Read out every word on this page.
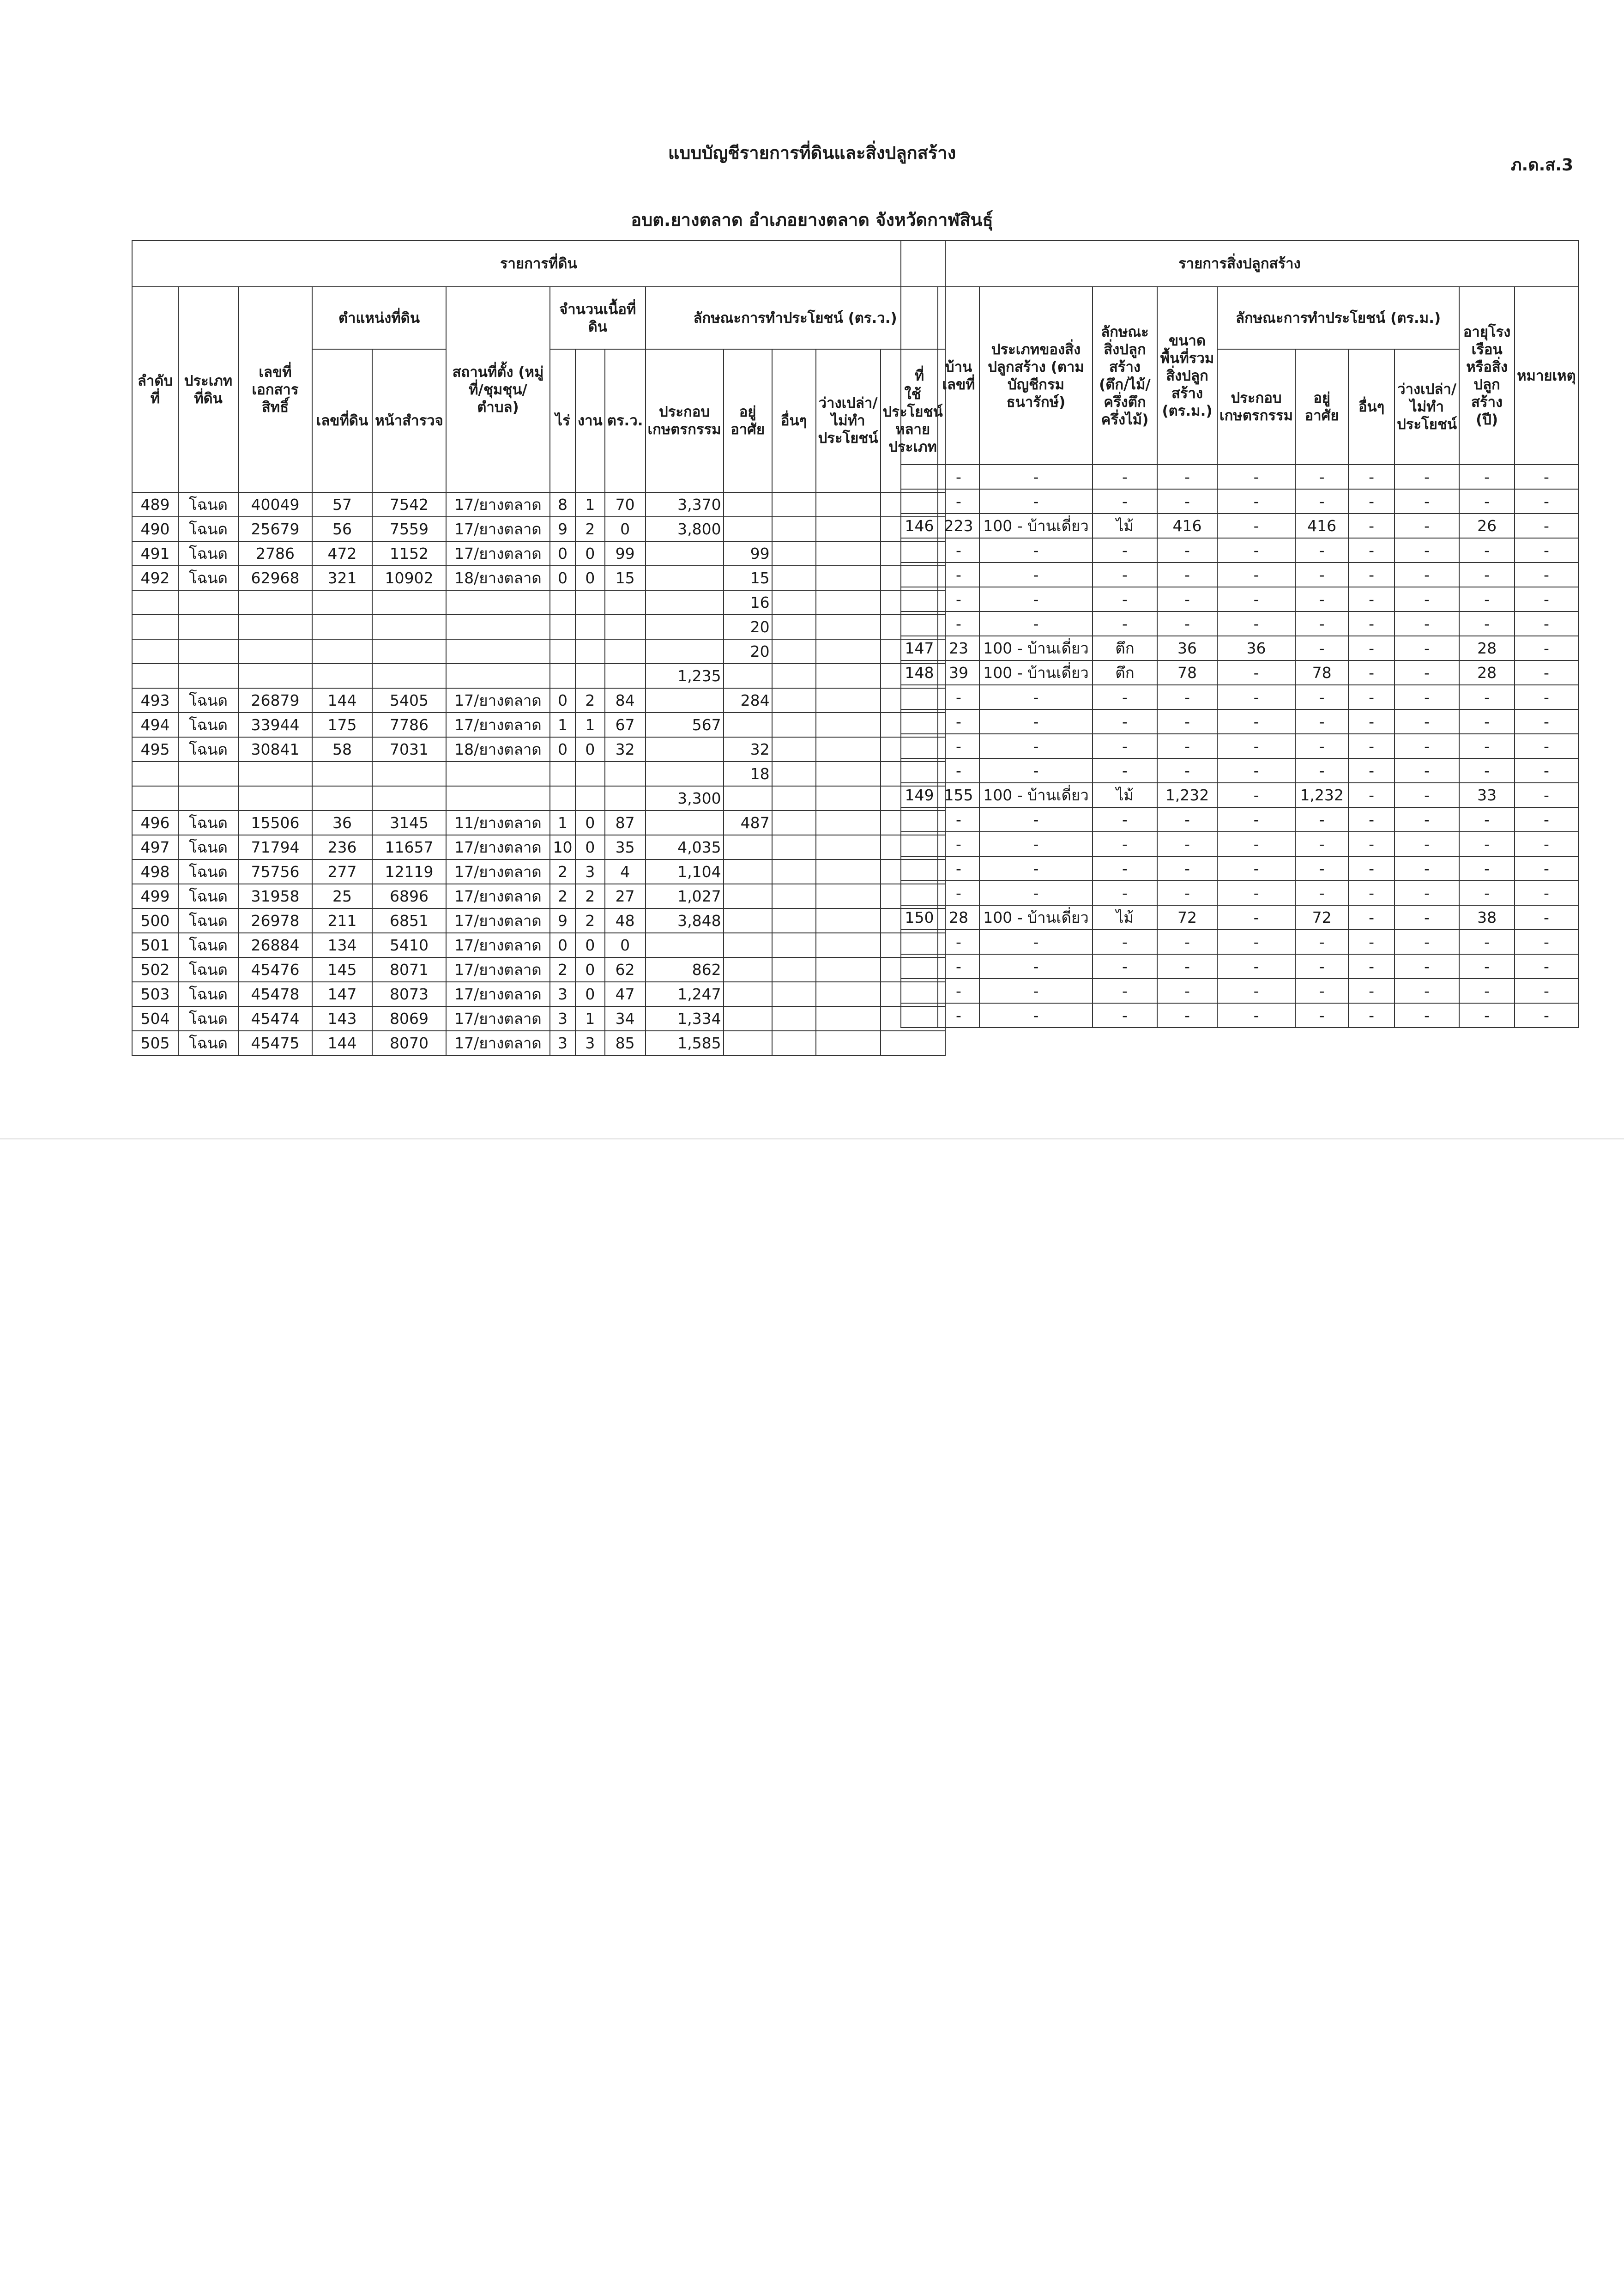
แบบบัญชีรายการที่ดินและสิ่งปลูกสร้าง
ภ.ด.ส.3
อบต.ยางตลาด อำเภอยางตลาด จังหวัดกาฬสินธุ์
รายการที่ดิน													
ลำดับที่	ประเภทที่ดิน	เลขที่เอกสารสิทธิ์	ตำแหน่งที่ดิน		สถานที่ตั้ง (หมู่ที่/ชุมชุน/ตำบล)	จำนวนเนื้อที่ดิน			ลักษณะการทำประโยชน์ (ตร.ว.)				
			เลขที่ดิน	หน้าสำรวจ		ไร่	งาน	ตร.ว.	ประกอบเกษตรกรรม	อยู่อาศัย	อื่นๆ	ว่างเปล่า/ไม่ทำประโยชน์	ใช้ประโยชน์หลายประเภท
489	โฉนด	40049	57	7542	17/ยางตลาด	8	1	70	3,370				
490	โฉนด	25679	56	7559	17/ยางตลาด	9	2	0	3,800				
491	โฉนด	2786	472	1152	17/ยางตลาด	0	0	99		99			
492	โฉนด	62968	321	10902	18/ยางตลาด	0	0	15		15			
										16			
										20			
										20			
									1,235				
493	โฉนด	26879	144	5405	17/ยางตลาด	0	2	84		284			
494	โฉนด	33944	175	7786	17/ยางตลาด	1	1	67	567				
495	โฉนด	30841	58	7031	18/ยางตลาด	0	0	32		32			
										18			
									3,300				
496	โฉนด	15506	36	3145	11/ยางตลาด	1	0	87		487			
497	โฉนด	71794	236	11657	17/ยางตลาด	10	0	35	4,035				
498	โฉนด	75756	277	12119	17/ยางตลาด	2	3	4	1,104				
499	โฉนด	31958	25	6896	17/ยางตลาด	2	2	27	1,027				
500	โฉนด	26978	211	6851	17/ยางตลาด	9	2	48	3,848				
501	โฉนด	26884	134	5410	17/ยางตลาด	0	0	0					
502	โฉนด	45476	145	8071	17/ยางตลาด	2	0	62	862				
503	โฉนด	45478	147	8073	17/ยางตลาด	3	0	47	1,247				
504	โฉนด	45474	143	8069	17/ยางตลาด	3	1	34	1,334				
505	โฉนด	45475	144	8070	17/ยางตลาด	3	3	85	1,585				
รายการสิ่งปลูกสร้าง										
ที่	บ้านเลขที่	ประเภทของสิ่งปลูกสร้าง (ตามบัญชีกรมธนารักษ์)	ลักษณะสิ่งปลูกสร้าง (ตึก/ไม้/ครึ่งตึกครึ่งไม้)	ขนาดพื้นที่รวมสิ่งปลูกสร้าง (ตร.ม.)	ลักษณะการทำประโยชน์ (ตร.ม.)				อายุโรงเรือนหรือสิ่งปลูกสร้าง (ปี)	หมายเหตุ
					ประกอบเกษตรกรรม	อยู่อาศัย	อื่นๆ	ว่างเปล่า/ไม่ทำประโยชน์		
	-	-	-	-	-	-	-	-	-	-
	-	-	-	-	-	-	-	-	-	-
146	223	100 - บ้านเดี่ยว	ไม้	416	-	416	-	-	26	-
	-	-	-	-	-	-	-	-	-	-
	-	-	-	-	-	-	-	-	-	-
	-	-	-	-	-	-	-	-	-	-
	-	-	-	-	-	-	-	-	-	-
147	23	100 - บ้านเดี่ยว	ตึก	36	36	-	-	-	28	-
148	39	100 - บ้านเดี่ยว	ตึก	78	-	78	-	-	28	-
	-	-	-	-	-	-	-	-	-	-
	-	-	-	-	-	-	-	-	-	-
	-	-	-	-	-	-	-	-	-	-
	-	-	-	-	-	-	-	-	-	-
149	155	100 - บ้านเดี่ยว	ไม้	1,232	-	1,232	-	-	33	-
	-	-	-	-	-	-	-	-	-	-
	-	-	-	-	-	-	-	-	-	-
	-	-	-	-	-	-	-	-	-	-
	-	-	-	-	-	-	-	-	-	-
150	28	100 - บ้านเดี่ยว	ไม้	72	-	72	-	-	38	-
	-	-	-	-	-	-	-	-	-	-
	-	-	-	-	-	-	-	-	-	-
	-	-	-	-	-	-	-	-	-	-
	-	-	-	-	-	-	-	-	-	-
